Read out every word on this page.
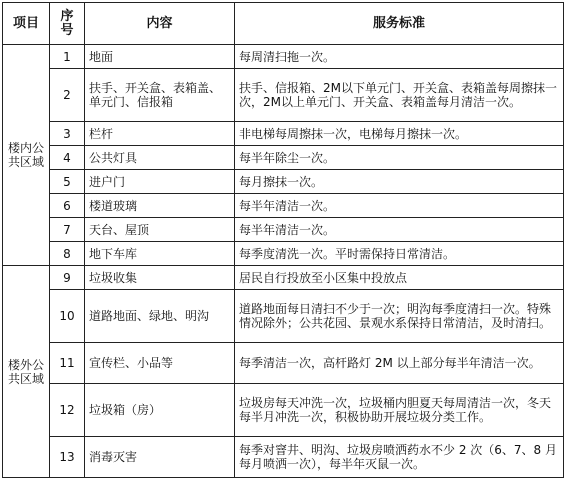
项目	序号	内容	服务标准
楼内公共区域	1	地面	每周清扫拖一次。
	2	扶手、开关盒、表箱盖、单元门、信报箱	扶手、信报箱、2M以下单元门、开关盒、表箱盖每周擦抹一次，2M以上单元门、开关盒、表箱盖每月清洁一次。
	3	栏杆	非电梯每周擦抹一次，电梯每月擦抹一次。
	4	公共灯具	每半年除尘一次。
	5	进户门	每月擦抹一次。
	6	楼道玻璃	每半年清洁一次。
	7	天台、屋顶	每半年清洁一次。
	8	地下车库	每季度清洗一次。平时需保持日常清洁。
楼外公共区域	9	垃圾收集	居民自行投放至小区集中投放点
	10	道路地面、绿地、明沟	道路地面每日清扫不少于一次；明沟每季度清扫一次。特殊情况除外；公共花园、景观水系保持日常清洁，及时清扫。
	11	宣传栏、小品等	每季清洁一次，高杆路灯 2M 以上部分每半年清洁一次。
	12	垃圾箱（房）	垃圾房每天冲洗一次，垃圾桶内胆夏天每周清洁一次，冬天每半月冲洗一次，积极协助开展垃圾分类工作。
	13	消毒灭害	每季对窨井、明沟、垃圾房喷洒药水不少 2 次（6、7、8 月每月喷洒一次），每半年灭鼠一次。
